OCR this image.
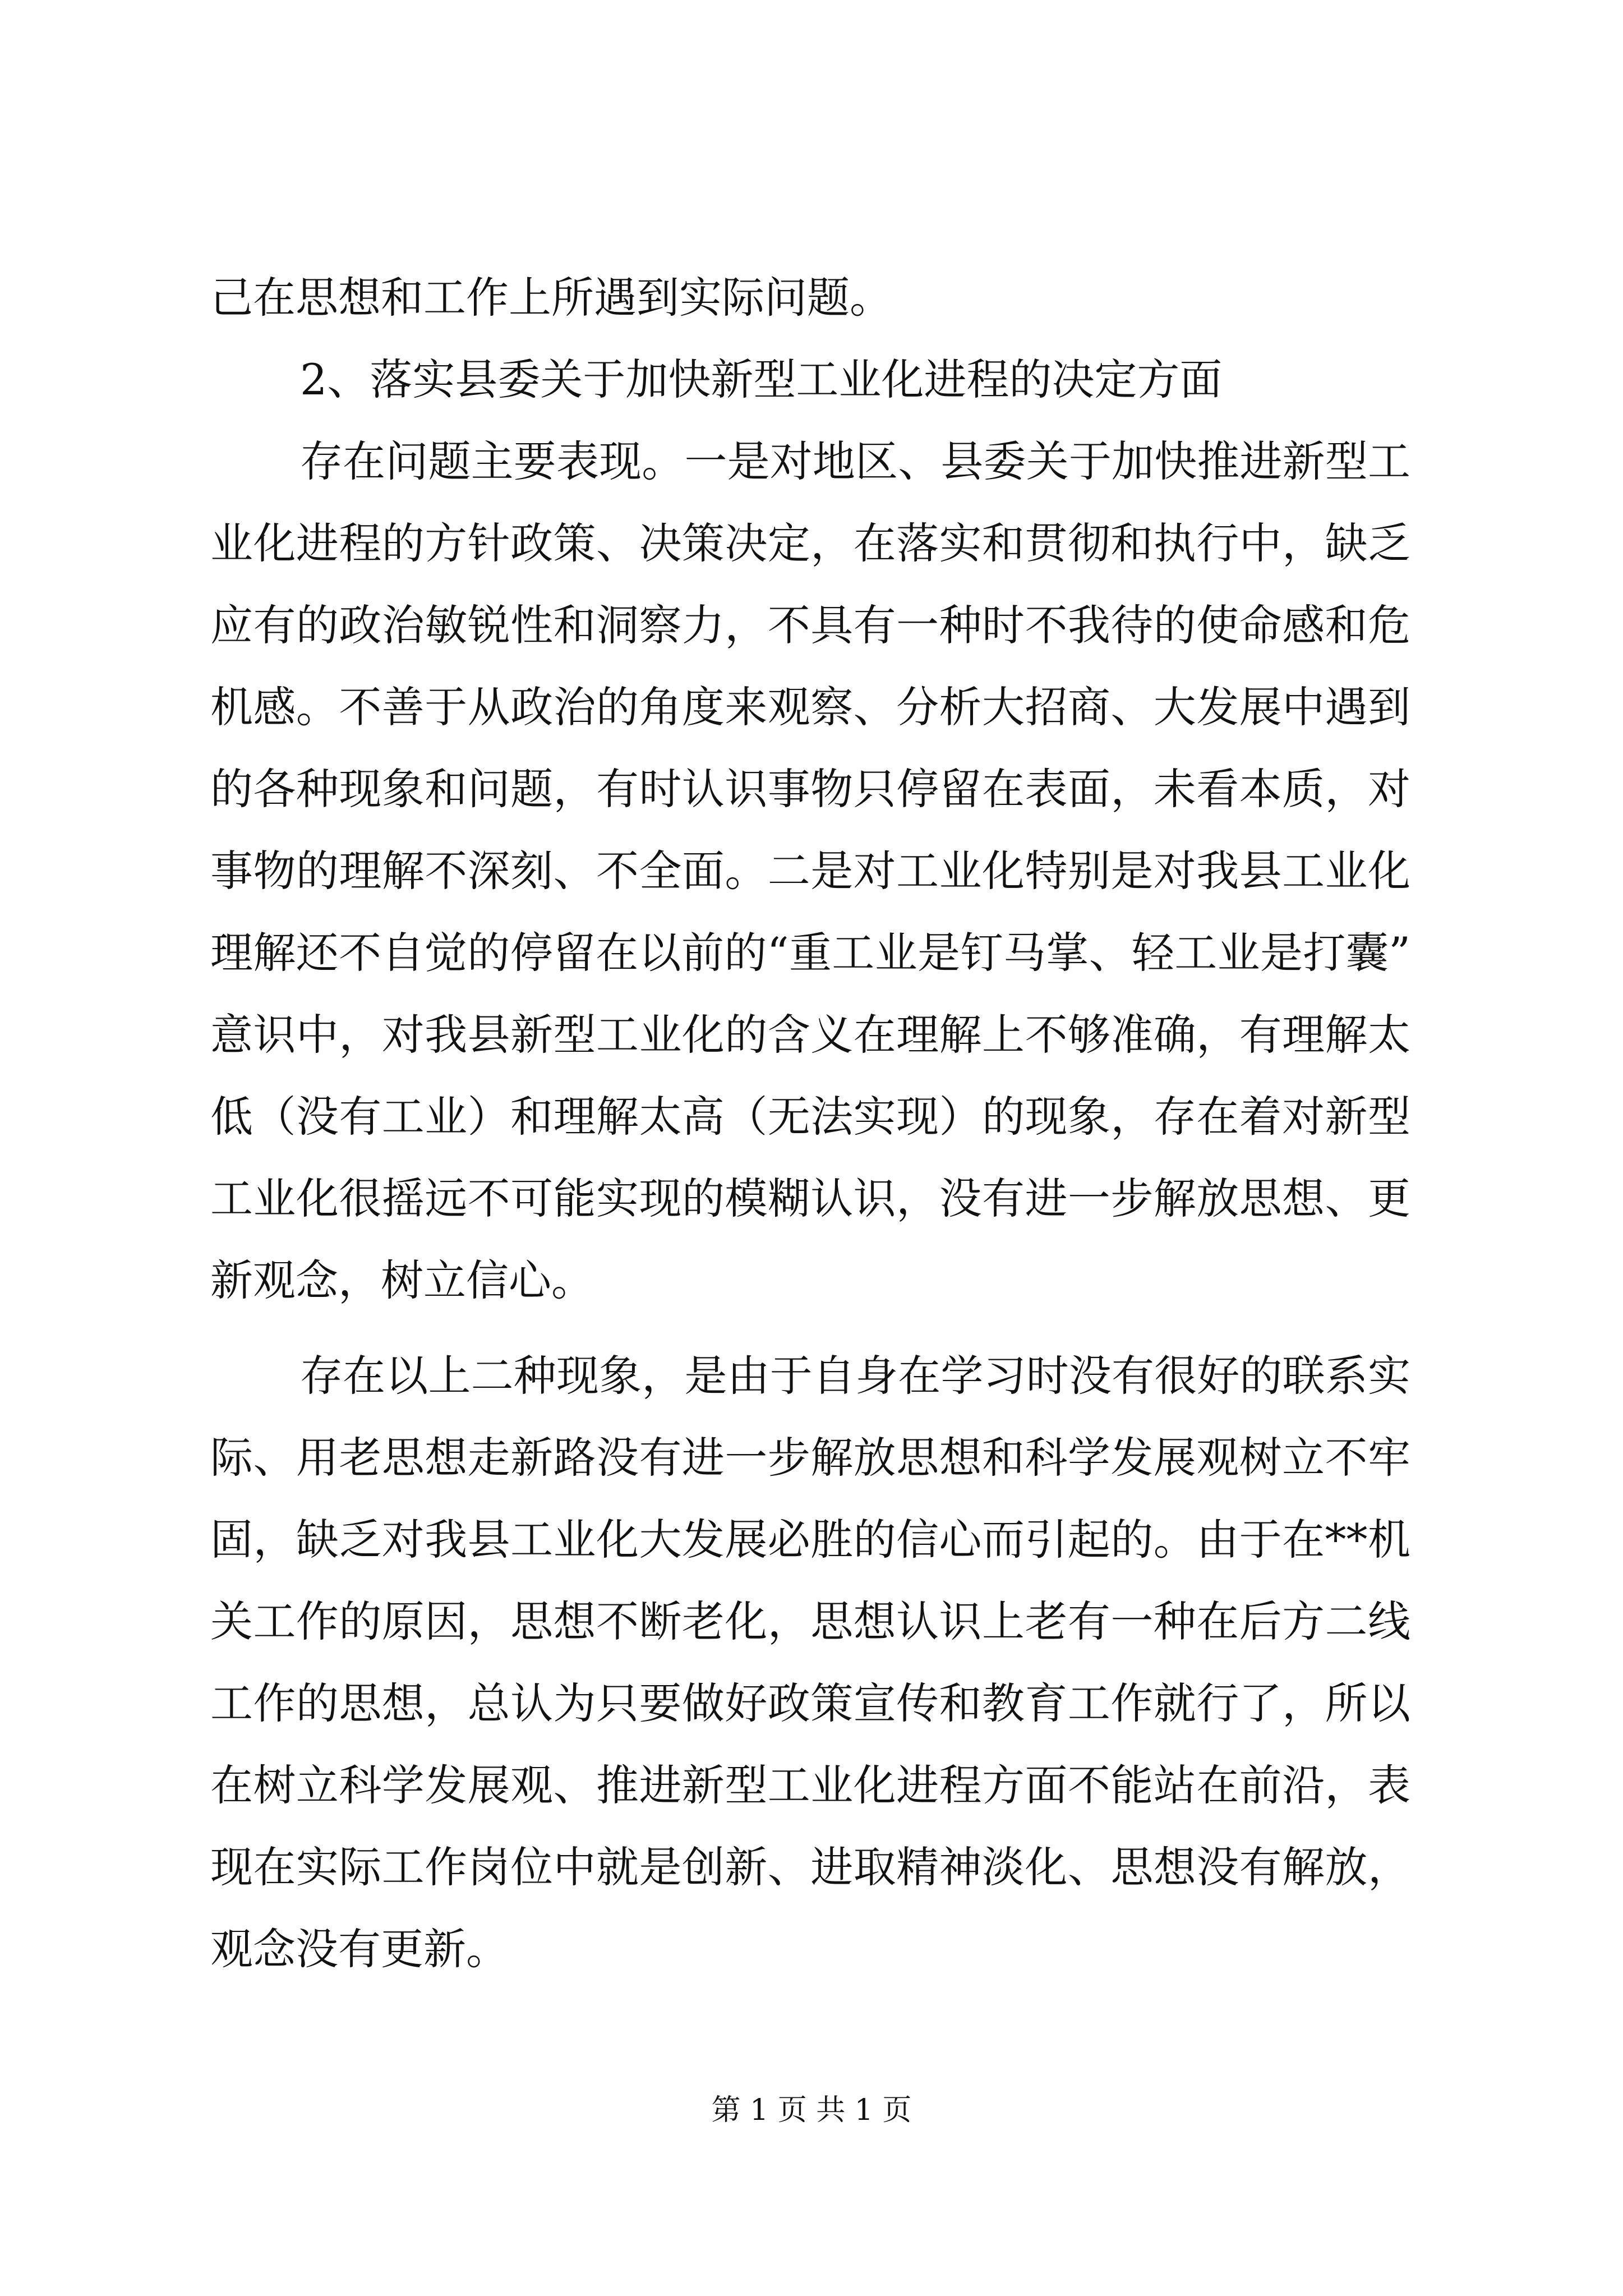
己在思想和工作上所遇到实际问题。
2、落实县委关于加快新型工业化进程的决定方面
存在问题主要表现。一是对地区、县委关于加快推进新型工
业化进程的方针政策、决策决定，在落实和贯彻和执行中，缺乏
应有的政治敏锐性和洞察力，不具有一种时不我待的使命感和危
机感。不善于从政治的角度来观察、分析大招商、大发展中遇到
的各种现象和问题，有时认识事物只停留在表面，未看本质，对
事物的理解不深刻、不全面。二是对工业化特别是对我县工业化
理解还不自觉的停留在以前的“重工业是钉马掌、轻工业是打囊”
意识中，对我县新型工业化的含义在理解上不够准确，有理解太
低（没有工业）和理解太高（无法实现）的现象，存在着对新型
工业化很摇远不可能实现的模糊认识，没有进一步解放思想、更
新观念，树立信心。
存在以上二种现象，是由于自身在学习时没有很好的联系实
际、用老思想走新路没有进一步解放思想和科学发展观树立不牢
固，缺乏对我县工业化大发展必胜的信心而引起的。由于在**机
关工作的原因，思想不断老化，思想认识上老有一种在后方二线
工作的思想，总认为只要做好政策宣传和教育工作就行了，所以
在树立科学发展观、推进新型工业化进程方面不能站在前沿，表
现在实际工作岗位中就是创新、进取精神淡化、思想没有解放，
观念没有更新。
第 1 页 共 1 页
